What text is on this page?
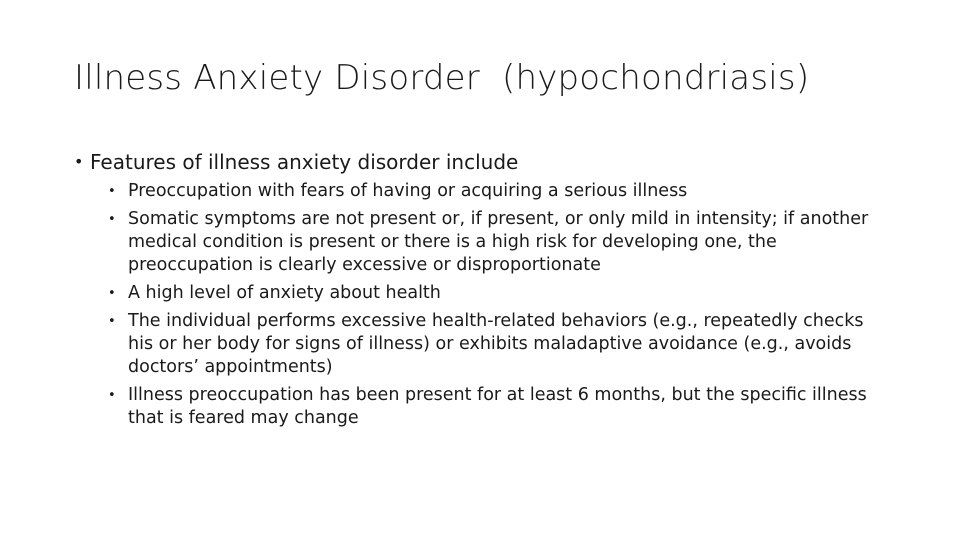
Illness Anxiety Disorder  (hypochondriasis)
• Features of illness anxiety disorder include
• Preoccupation with fears of having or acquiring a serious illness
• Somatic symptoms are not present or, if present, or only mild in intensity; if another medical condition is present or there is a high risk for developing one, the preoccupation is clearly excessive or disproportionate
• A high level of anxiety about health
• The individual performs excessive health-related behaviors (e.g., repeatedly checks his or her body for signs of illness) or exhibits maladaptive avoidance (e.g., avoids doctors’ appointments)
• Illness preoccupation has been present for at least 6 months, but the specific illness that is feared may change
